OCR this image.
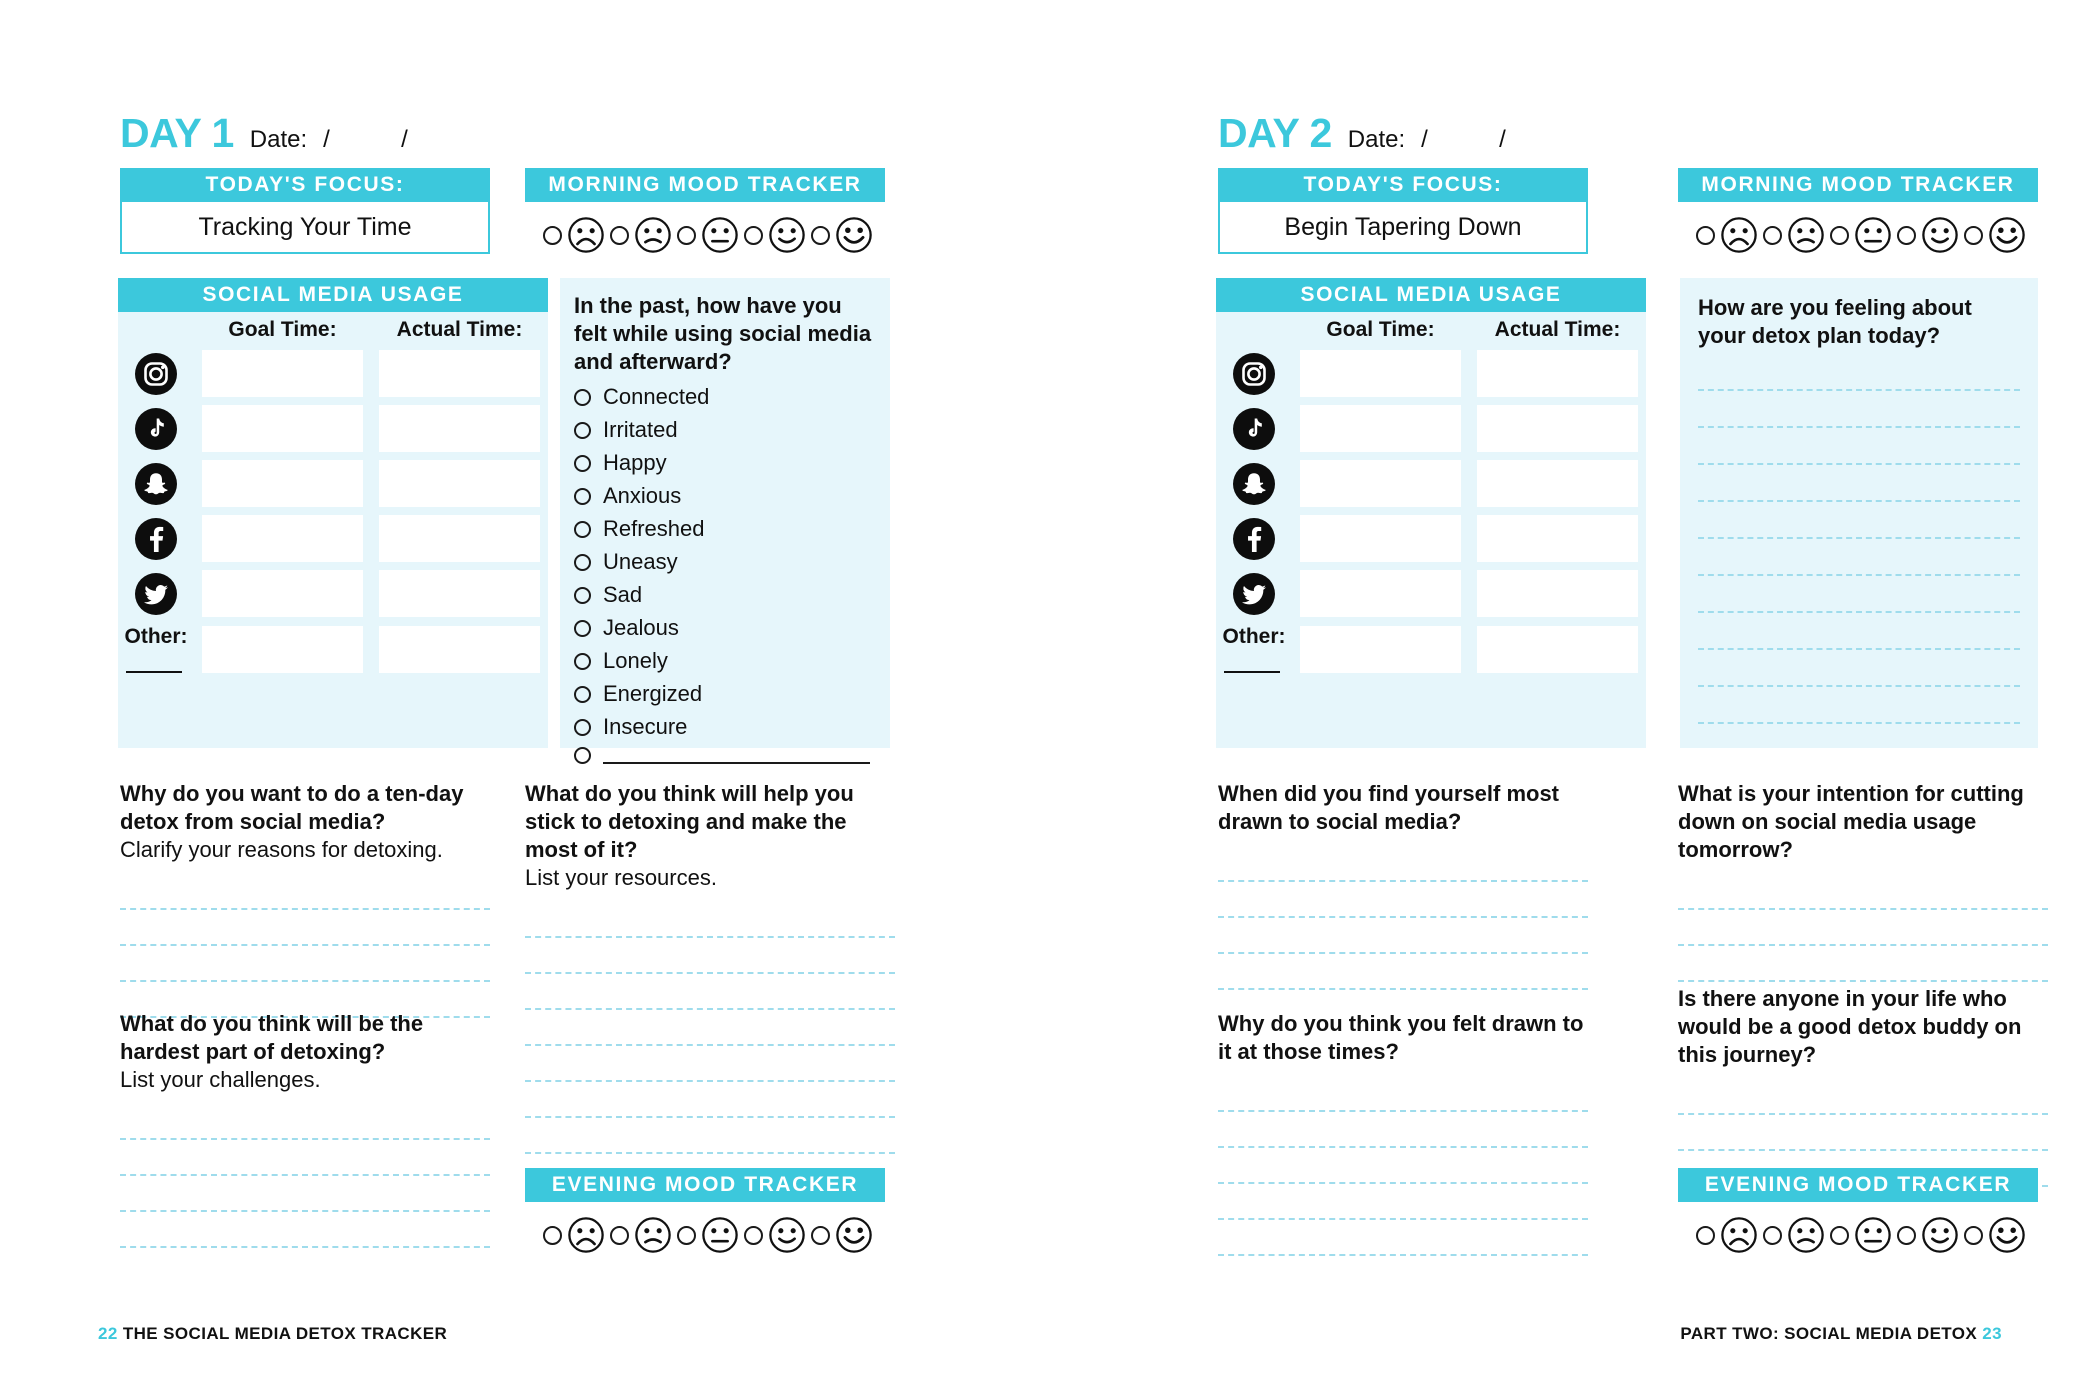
DAY 1 Date: /        /
TODAY'S FOCUS:
Tracking Your Time
MORNING MOOD TRACKER
SOCIAL MEDIA USAGE
Goal Time:	Actual Time:
Other:
In the past, how have you felt while using social media and afterward?
Connected
Irritated
Happy
Anxious
Refreshed
Uneasy
Sad
Jealous
Lonely
Energized
Insecure
Why do you want to do a ten-day detox from social media?
Clarify your reasons for detoxing.
What do you think will be the hardest part of detoxing?
List your challenges.
What do you think will help you stick to detoxing and make the most of it?
List your resources.
EVENING MOOD TRACKER
22 THE SOCIAL MEDIA DETOX TRACKER
DAY 2 Date: /        /
TODAY'S FOCUS:
Begin Tapering Down
MORNING MOOD TRACKER
SOCIAL MEDIA USAGE
Goal Time:	Actual Time:
Other:
How are you feeling about your detox plan today?
When did you find yourself most drawn to social media?
Why do you think you felt drawn to it at those times?
What is your intention for cutting down on social media usage tomorrow?
Is there anyone in your life who would be a good detox buddy on this journey?
EVENING MOOD TRACKER
PART TWO: SOCIAL MEDIA DETOX 23
